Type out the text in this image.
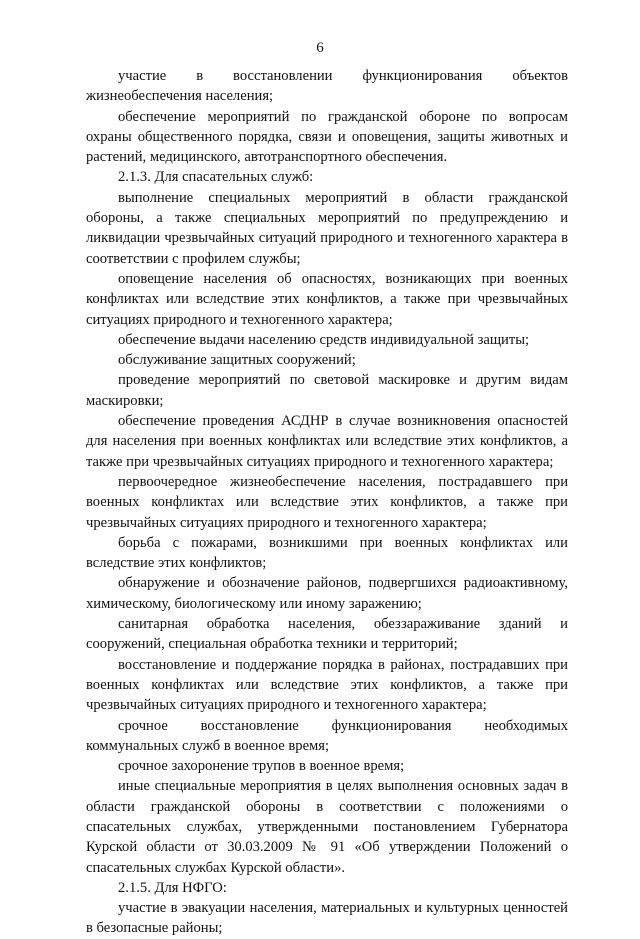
6

участие в восстановлении функционирования объектов жизнеобеспечения населения;

обеспечение мероприятий по гражданской обороне по вопросам охраны общественного порядка, связи и оповещения, защиты животных и растений, медицинского, автотранспортного обеспечения.

2.1.3. Для спасательных служб:

выполнение специальных мероприятий в области гражданской обороны, а также специальных мероприятий по предупреждению и ликвидации чрезвычайных ситуаций природного и техногенного характера в соответствии с профилем службы;

оповещение населения об опасностях, возникающих при военных конфликтах или вследствие этих конфликтов, а также при чрезвычайных ситуациях природного и техногенного характера;

обеспечение выдачи населению средств индивидуальной защиты;

обслуживание защитных сооружений;

проведение мероприятий по световой маскировке и другим видам маскировки;

обеспечение проведения АСДНР в случае возникновения опасностей для населения при военных конфликтах или вследствие этих конфликтов, а также при чрезвычайных ситуациях природного и техногенного характера;

первоочередное жизнеобеспечение населения, пострадавшего при военных конфликтах или вследствие этих конфликтов, а также при чрезвычайных ситуациях природного и техногенного характера;

борьба с пожарами, возникшими при военных конфликтах или вследствие этих конфликтов;

обнаружение и обозначение районов, подвергшихся радиоактивному, химическому, биологическому или иному заражению;

санитарная обработка населения, обеззараживание зданий и сооружений, специальная обработка техники и территорий;

восстановление и поддержание порядка в районах, пострадавших при военных конфликтах или вследствие этих конфликтов, а также при чрезвычайных ситуациях природного и техногенного характера;

срочное восстановление функционирования необходимых коммунальных служб в военное время;

срочное захоронение трупов в военное время;

иные специальные мероприятия в целях выполнения основных задач в области гражданской обороны в соответствии с положениями о спасательных службах, утвержденными постановлением Губернатора Курской области от 30.03.2009 № 91 «Об утверждении Положений о спасательных службах Курской области».

2.1.5. Для НФГО:

участие в эвакуации населения, материальных и культурных ценностей в безопасные районы;
